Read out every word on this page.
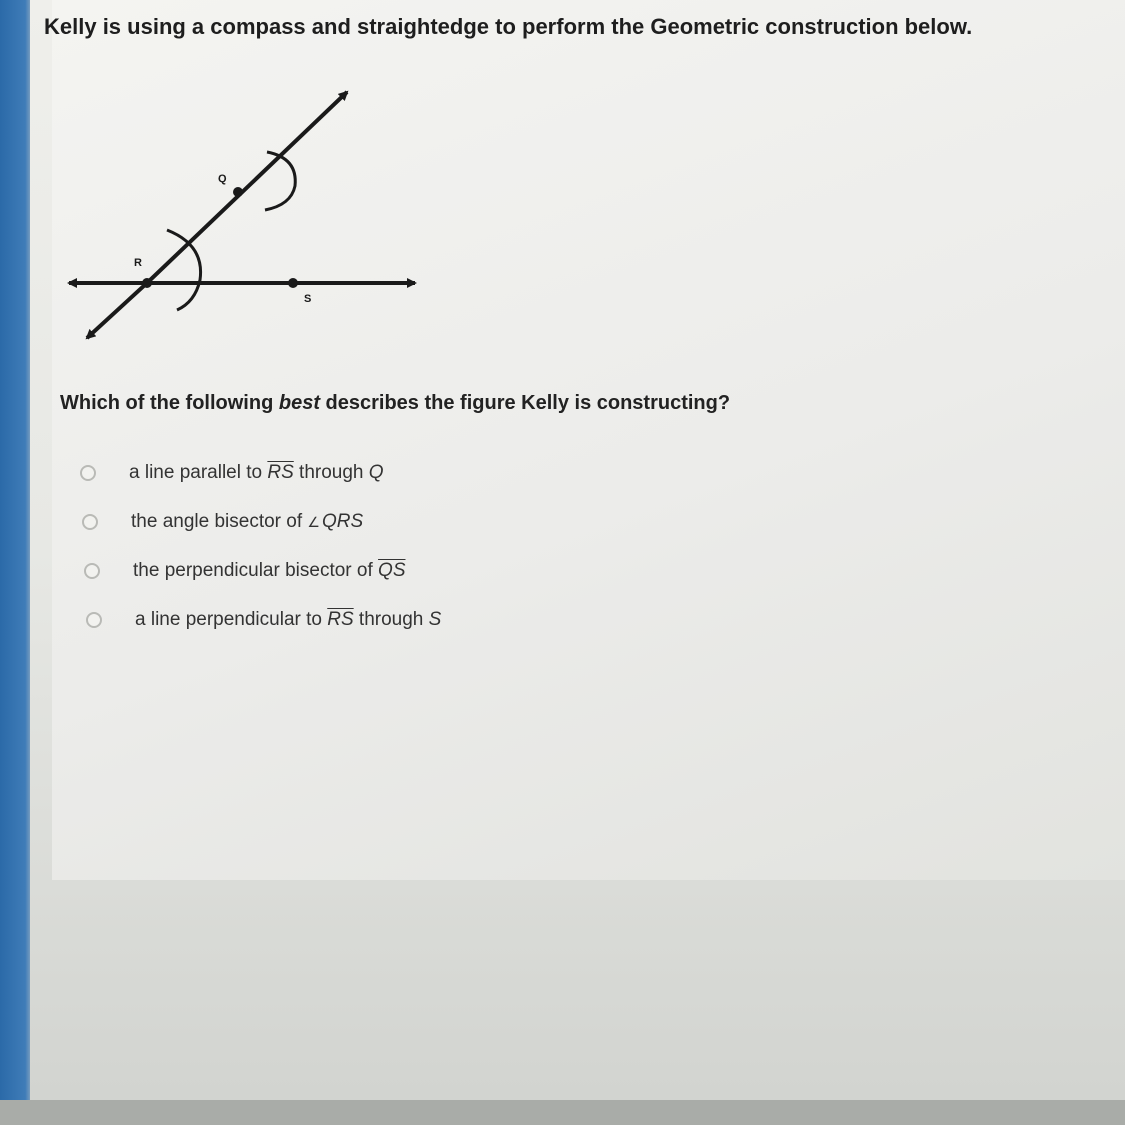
Kelly is using a compass and straightedge to perform the Geometric construction below.
Q
R
S

Which of the following best describes the figure Kelly is constructing?

a line parallel to $\overline{RS}$ through Q
the angle bisector of ∠ QRS
the perpendicular bisector of $\overline{QS}$
a line perpendicular to $\overline{RS}$ through S
